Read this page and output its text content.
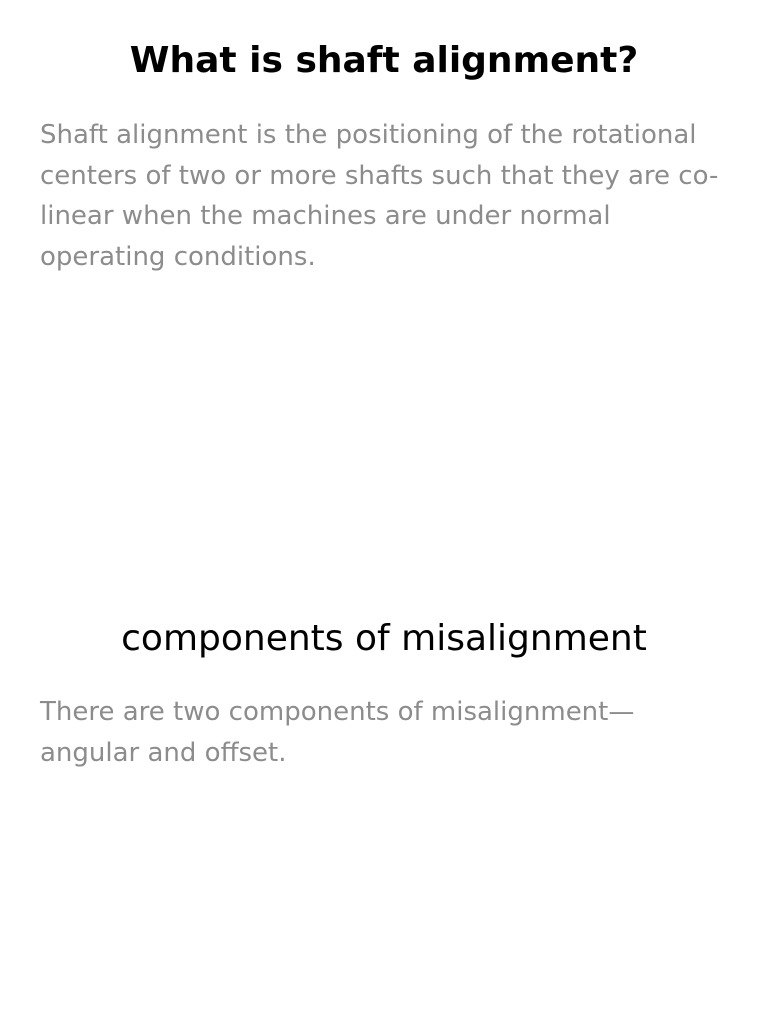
What is shaft alignment?

Shaft alignment is the positioning of the rotational centers of two or more shafts such that they are co-linear when the machines are under normal operating conditions.

components of misalignment

There are two components of misalignment—angular and offset.
